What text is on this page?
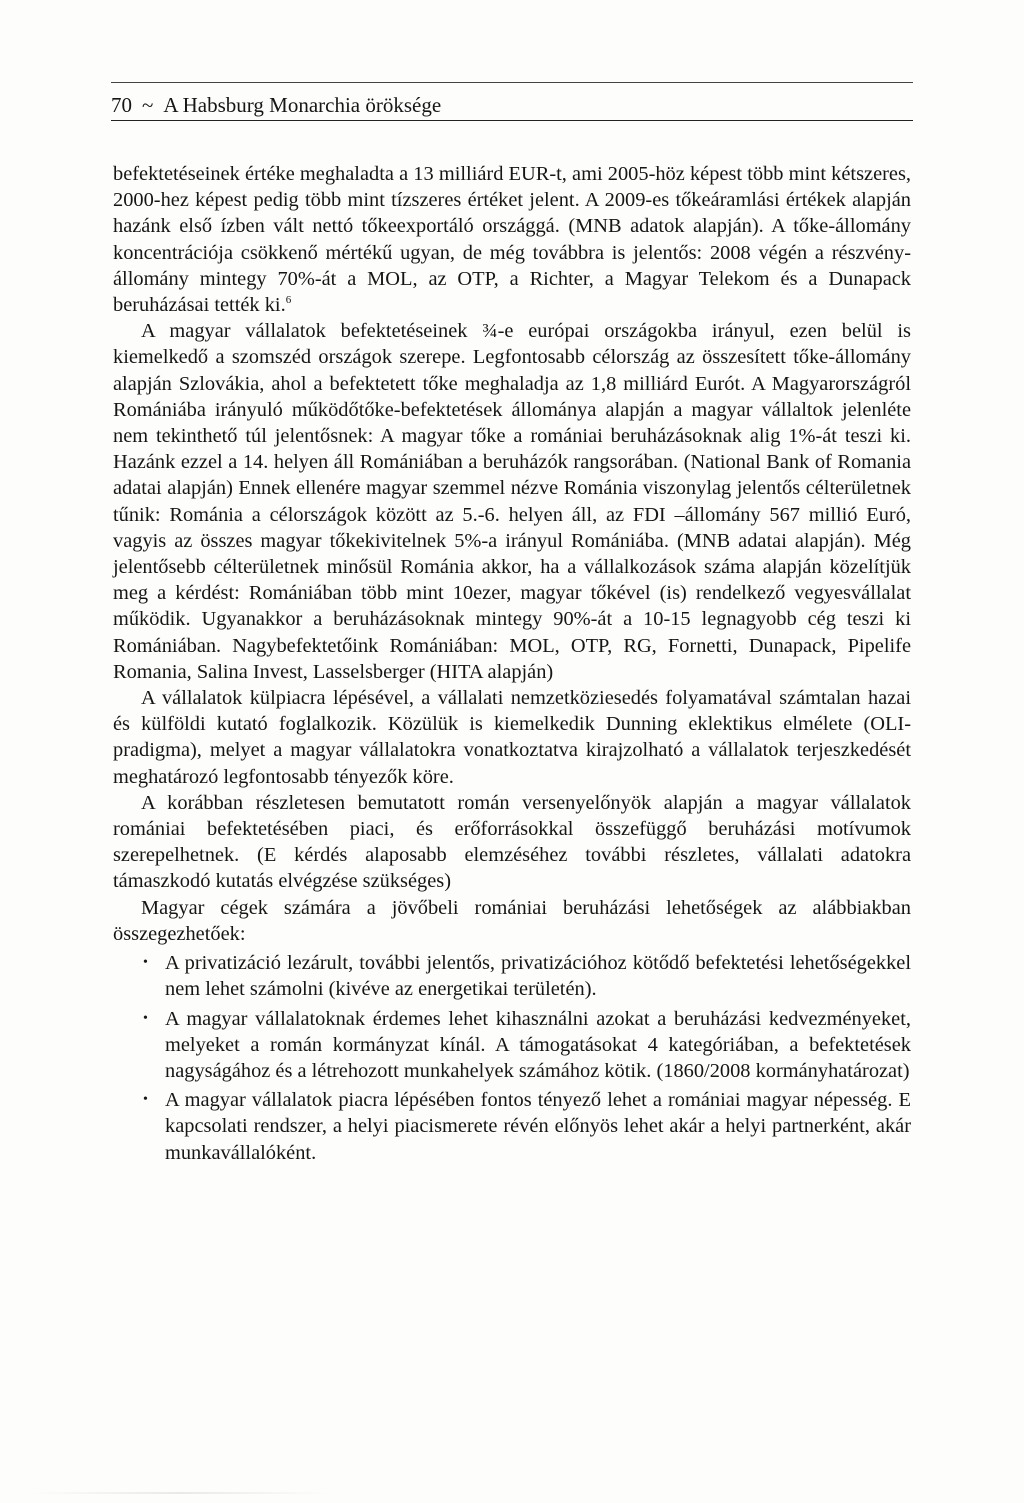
70 ~ A Habsburg Monarchia öröksége

befektetéseinek értéke meghaladta a 13 milliárd EUR-t, ami 2005-höz képest több mint kétszeres, 2000-hez képest pedig több mint tízszeres értéket jelent. A 2009-es tőkeáramlási értékek alapján hazánk első ízben vált nettó tőkeexportáló országgá. (MNB adatok alapján). A tőke-állomány koncentrációja csökkenő mértékű ugyan, de még továbbra is jelentős: 2008 végén a részvény-állomány mintegy 70%-át a MOL, az OTP, a Richter, a Magyar Telekom és a Dunapack beruházásai tették ki.$^6$

A magyar vállalatok befektetéseinek ¾-e európai országokba irányul, ezen belül is kiemelkedő a szomszéd országok szerepe. Legfontosabb célország az összesített tőke-állomány alapján Szlovákia, ahol a befektetett tőke meghaladja az 1,8 milliárd Eurót. A Magyarországról Romániába irányuló működőtőke-befektetések állománya alapján a magyar vállaltok jelenléte nem tekinthető túl jelentősnek: A magyar tőke a romániai beruházásoknak alig 1%-át teszi ki. Hazánk ezzel a 14. helyen áll Romániában a beruházók rangsorában. (National Bank of Romania adatai alapján) Ennek ellenére magyar szemmel nézve Románia viszonylag jelentős célterületnek tűnik: Románia a célországok között az 5.-6. helyen áll, az FDI –állomány 567 millió Euró, vagyis az összes magyar tőkekivitelnek 5%-a irányul Romániába. (MNB adatai alapján). Még jelentősebb célterületnek minősül Románia akkor, ha a vállalkozások száma alapján közelítjük meg a kérdést: Romániában több mint 10ezer, magyar tőkével (is) rendelkező vegyesvállalat működik. Ugyanakkor a beruházásoknak mintegy 90%-át a 10-15 legnagyobb cég teszi ki Romániában. Nagybefektetőink Romániában: MOL, OTP, RG, Fornetti, Dunapack, Pipelife Romania, Salina Invest, Lasselsberger (HITA alapján)

A vállalatok külpiacra lépésével, a vállalati nemzetköziesedés folyamatával számtalan hazai és külföldi kutató foglalkozik. Közülük is kiemelkedik Dunning eklektikus elmélete (OLI-pradigma), melyet a magyar vállalatokra vonatkoztatva kirajzolható a vállalatok terjeszkedését meghatározó legfontosabb tényezők köre.

A korábban részletesen bemutatott román versenyelőnyök alapján a magyar vállalatok romániai befektetésében piaci, és erőforrásokkal összefüggő beruházási motívumok szerepelhetnek. (E kérdés alaposabb elemzéséhez további részletes, vállalati adatokra támaszkodó kutatás elvégzése szükséges)

Magyar cégek számára a jövőbeli romániai beruházási lehetőségek az alábbiakban összegezhetőek:

• A privatizáció lezárult, további jelentős, privatizációhoz kötődő befektetési lehetőségekkel nem lehet számolni (kivéve az energetikai területén).
• A magyar vállalatoknak érdemes lehet kihasználni azokat a beruházási kedvezményeket, melyeket a román kormányzat kínál. A támogatásokat 4 kategóriában, a befektetések nagyságához és a létrehozott munkahelyek számához kötik. (1860/2008 kormányhatározat)
• A magyar vállalatok piacra lépésében fontos tényező lehet a romániai magyar népesség. E kapcsolati rendszer, a helyi piacismerete révén előnyös lehet akár a helyi partnerként, akár munkavállalóként.
